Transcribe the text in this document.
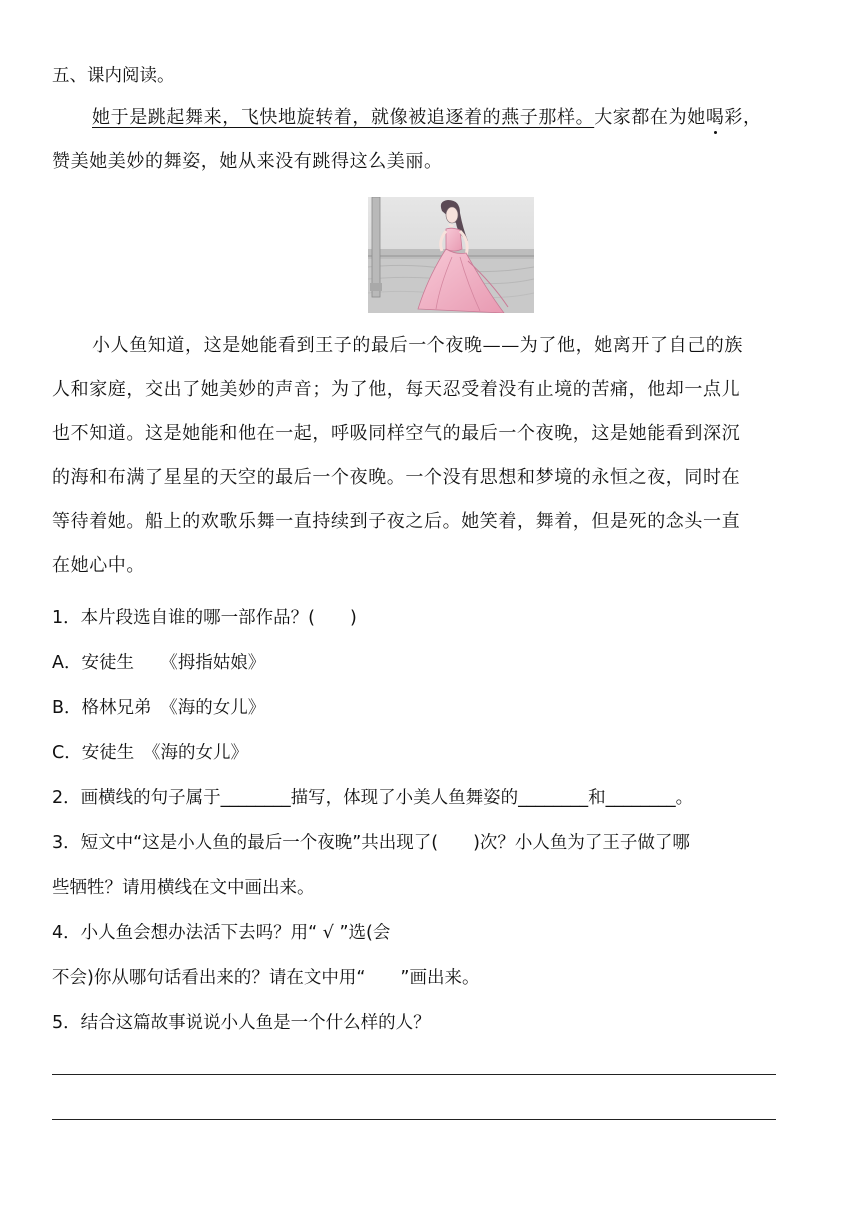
五、课内阅读。
她于是跳起舞来，飞快地旋转着，就像被追逐着的燕子那样。大家都在为她喝彩，
赞美她美妙的舞姿，她从来没有跳得这么美丽。
小人鱼知道，这是她能看到王子的最后一个夜晚——为了他，她离开了自己的族
人和家庭，交出了她美妙的声音；为了他，每天忍受着没有止境的苦痛，他却一点儿
也不知道。这是她能和他在一起，呼吸同样空气的最后一个夜晚，这是她能看到深沉
的海和布满了星星的天空的最后一个夜晚。一个没有思想和梦境的永恒之夜，同时在
等待着她。船上的欢歌乐舞一直持续到子夜之后。她笑着，舞着，但是死的念头一直
在她心中。
1．本片段选自谁的哪一部作品？(　　)
A．安徒生　　《拇指姑娘》
B．格林兄弟　《海的女儿》
C．安徒生　《海的女儿》
2．画横线的句子属于________描写，体现了小美人鱼舞姿的________和________。
3．短文中“这是小人鱼的最后一个夜晚”共出现了(　　)次？小人鱼为了王子做了哪
些牺牲？请用横线在文中画出来。
4．小人鱼会想办法活下去吗？用“ √ ”选(会
不会)你从哪句话看出来的？请在文中用“　　”画出来。
5．结合这篇故事说说小人鱼是一个什么样的人？
